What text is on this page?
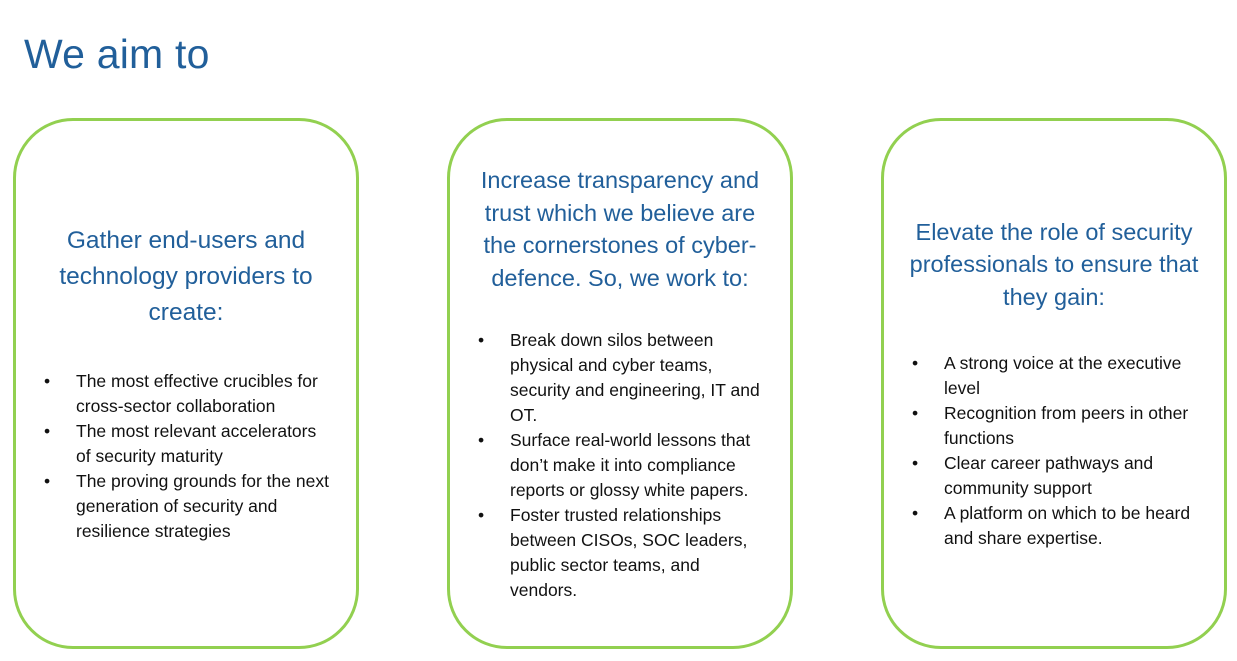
We aim to
Gather end-users and technology providers to create:
• The most effective crucibles for cross-sector collaboration
• The most relevant accelerators of security maturity
• The proving grounds for the next generation of security and resilience strategies
Increase transparency and trust which we believe are the cornerstones of cyber-defence. So, we work to:
• Break down silos between physical and cyber teams, security and engineering, IT and OT.
• Surface real-world lessons that don’t make it into compliance reports or glossy white papers.
• Foster trusted relationships between CISOs, SOC leaders, public sector teams, and vendors.
Elevate the role of security professionals to ensure that they gain:
• A strong voice at the executive level
• Recognition from peers in other functions
• Clear career pathways and community support
• A platform on which to be heard and share expertise.
